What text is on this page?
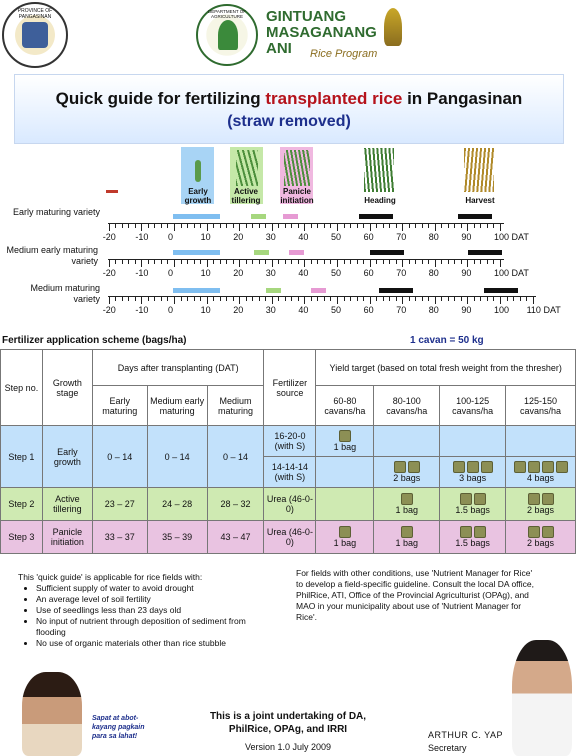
PROVINCE OF PANGASINAN
DEPARTMENT OF AGRICULTURE	GINTUANG
MASAGANANG
ANI Rice Program
Quick guide for fertilizing transplanted rice in Pangasinan
(straw removed)
Early growth
Active tillering
Panicle initiation	Heading	Harvest
Early maturing variety
Medium early maturing variety
Medium maturing variety
Fertilizer application scheme (bags/ha)	1 cavan = 50 kg
Step no.	Growth stage	Days after transplanting (DAT)			Fertilizer source	Yield target (based on total fresh weight from the thresher)			
		Early maturing	Medium early maturing	Medium maturing		60-80 cavans/ha	80-100 cavans/ha	100-125 cavans/ha	125-150 cavans/ha
Step 1	Early growth	0 – 14	0 – 14	0 – 14	16-20-0 (with S)	1 bag			
					14-14-14 (with S)		2 bags	3 bags	4 bags
Step 2	Active tillering	23 – 27	24 – 28	28 – 32	Urea (46-0-0)		1 bag	1.5 bags	2 bags
Step 3	Panicle initiation	33 – 37	35 – 39	43 – 47	Urea (46-0-0)	1 bag	1 bag	1.5 bags	2 bags
This 'quick guide' is applicable for rice fields with:
• Sufficient supply of water to avoid drought
• An average level of soil fertility
• Use of seedlings less than 23 days old
• No input of nutrient through deposition of sediment from flooding
• No use of organic materials other than rice stubble
For fields with other conditions, use 'Nutrient Manager for Rice' to develop a field-specific guideline. Consult the local DA office, PhilRice, ATI, Office of the Provincial Agriculturist (OPAg), and MAO in your municipality about use of 'Nutrient Manager for Rice'.
Sapat at abot-kayang pagkain para sa lahat!
This is a joint undertaking of DA, PhilRice, OPAg, and IRRI
Version 1.0 July 2009
ARTHUR C. YAP
Secretary
-20 -10 0	10	20	30	40	50	60	70	80	90	100 DAT
-20 -10 0	10	20	30	40	50	60	70	80	90	100 DAT
-20 -10 0	10	20	30	40	50	60	70	80	90	100 110 DAT
